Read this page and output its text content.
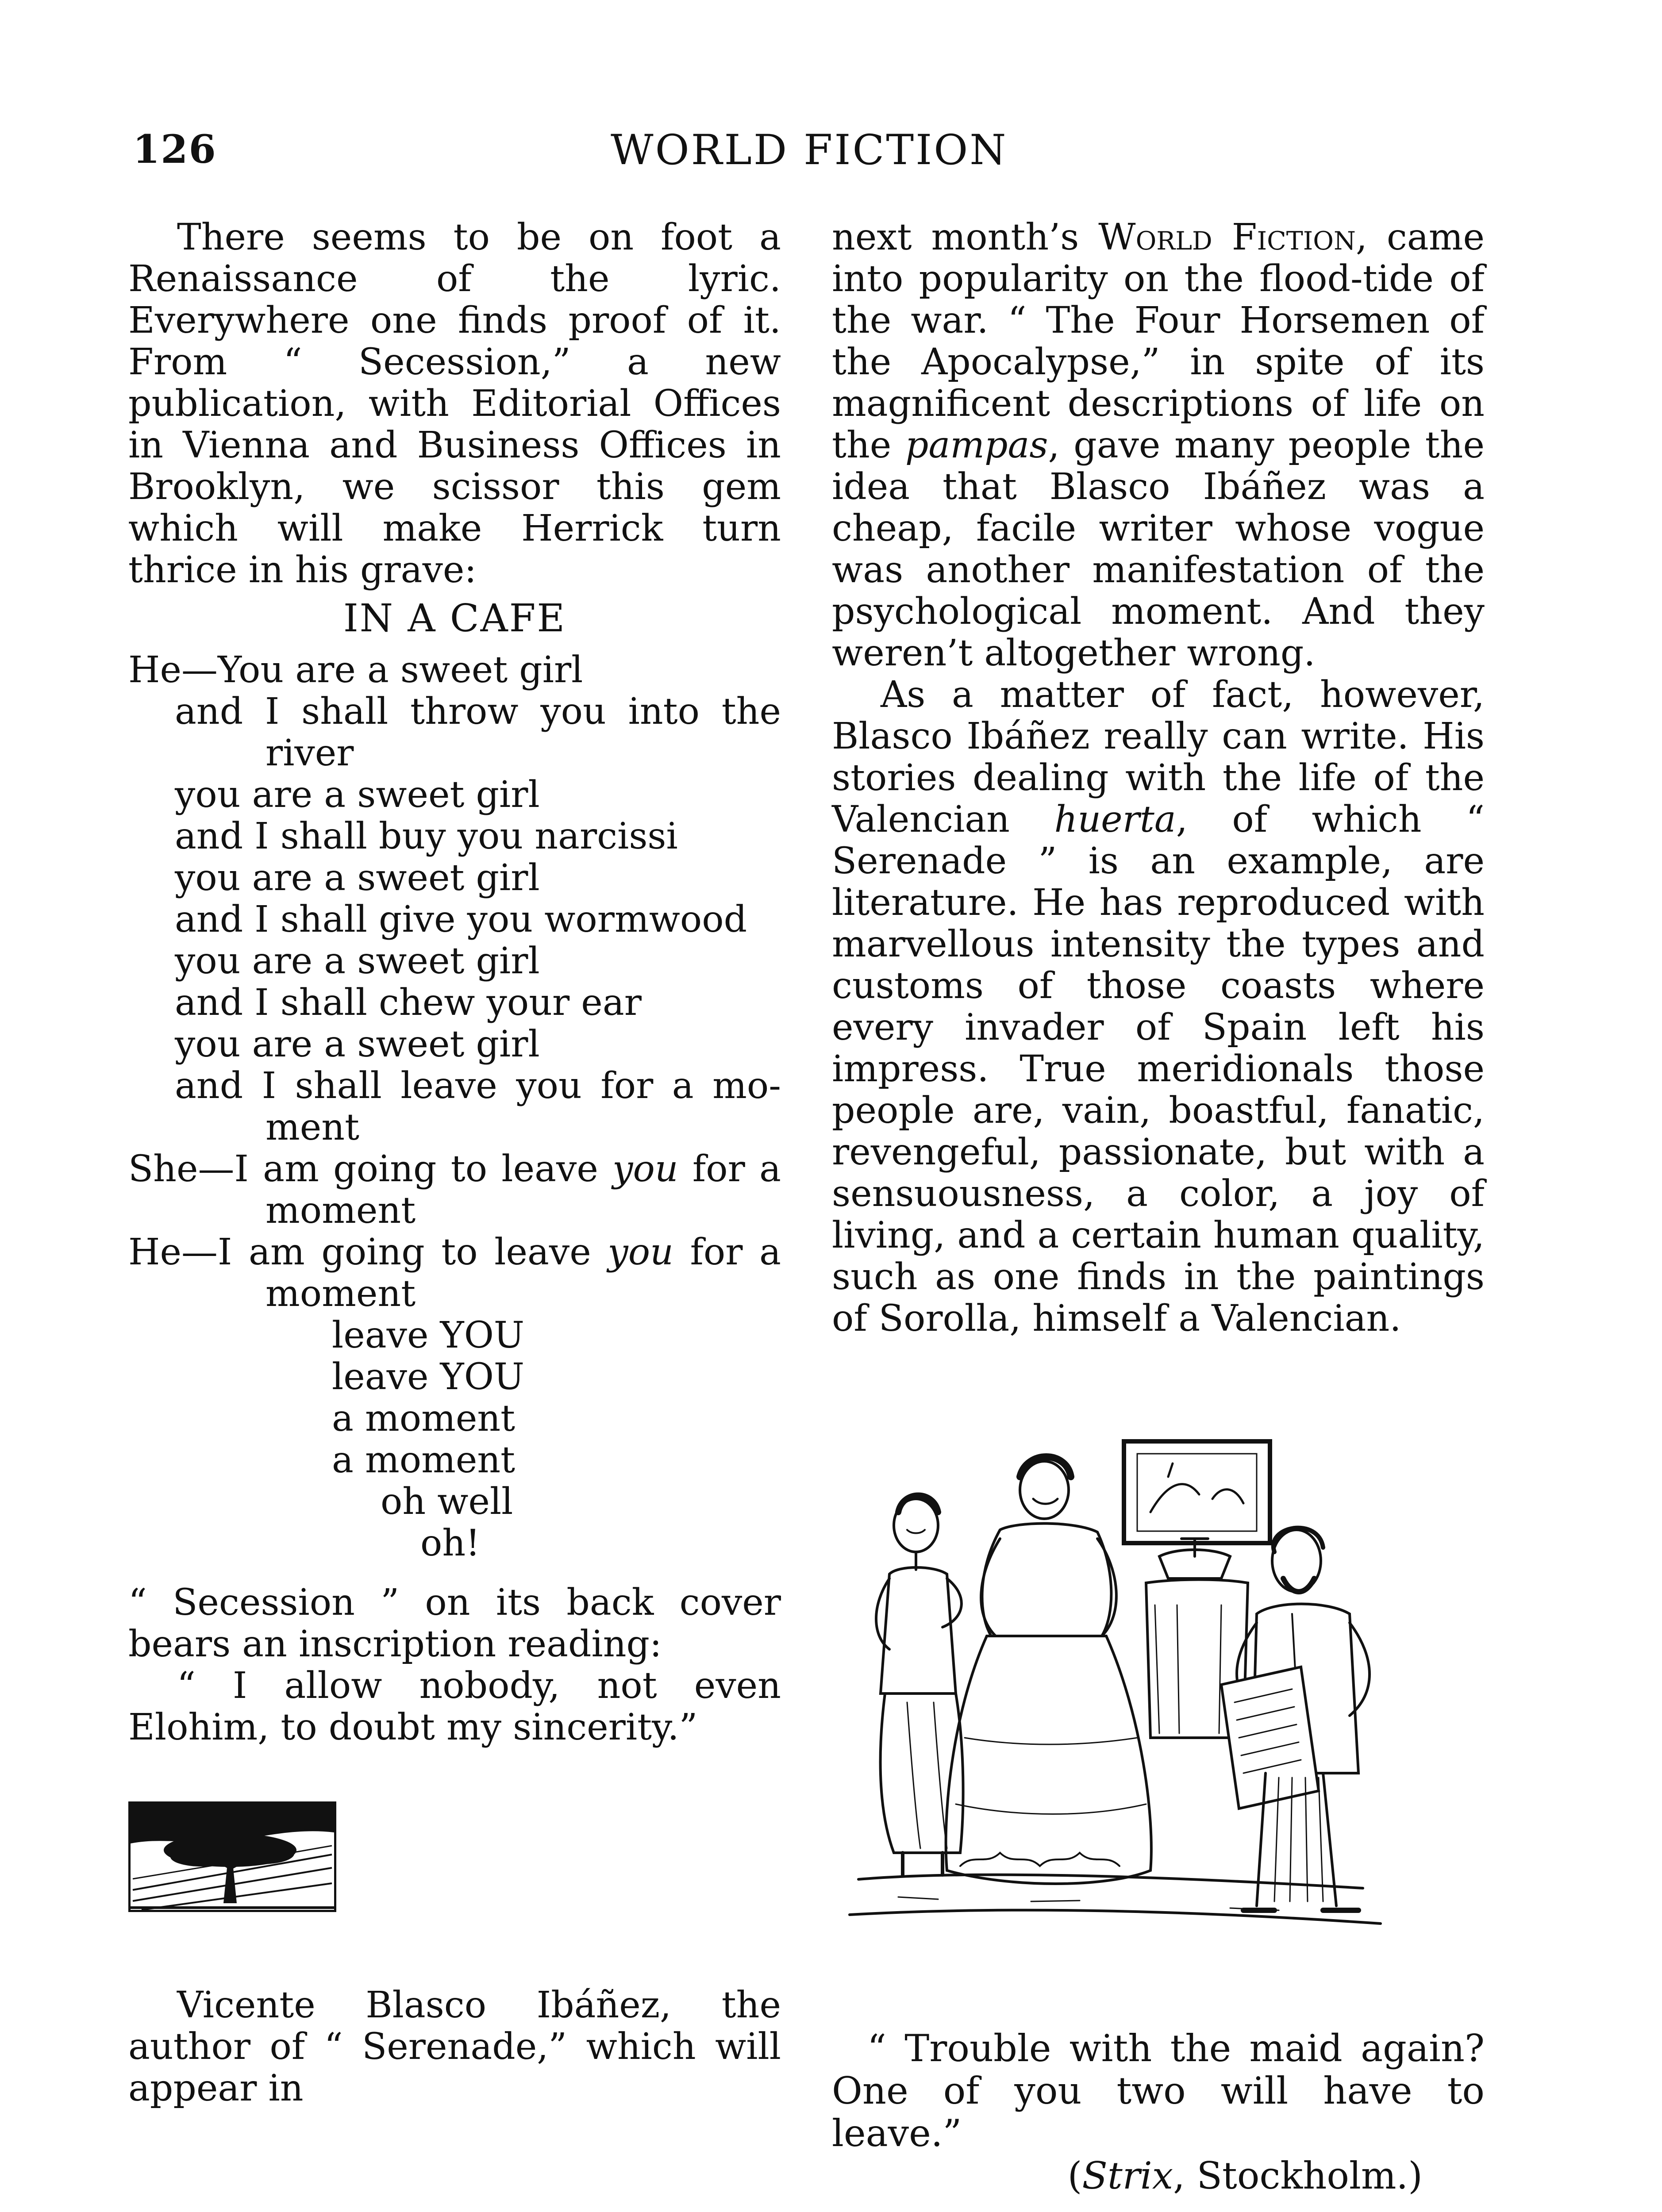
126	WORLD FICTION

There seems to be on foot a Renaissance of the lyric. Everywhere one finds proof of it. From “ Secession,” a new publication, with Editorial Offices in Vienna and Business Offices in Brooklyn, we scissor this gem which will make Herrick turn thrice in his grave:

IN A CAFE
He—You are a sweet girl
and I shall throw you into the
river
you are a sweet girl
and I shall buy you narcissi
you are a sweet girl
and I shall give you wormwood
you are a sweet girl
and I shall chew your ear
you are a sweet girl
and I shall leave you for a mo-
ment
She—I am going to leave you for a
moment
He—I am going to leave you for a
moment
leave YOU
leave YOU
a moment
a moment
oh well
oh!

“ Secession ” on its back cover bears an inscription reading:

“ I allow nobody, not even Elohim, to doubt my sincerity.”

Vicente Blasco Ibáñez, the author of “ Serenade,” which will appear in

next month’s World Fiction, came into popularity on the flood-tide of the war. “ The Four Horsemen of the Apocalypse,” in spite of its magnificent descriptions of life on the pampas, gave many people the idea that Blasco Ibáñez was a cheap, facile writer whose vogue was another manifestation of the psychological moment. And they weren’t altogether wrong.

As a matter of fact, however, Blasco Ibáñez really can write. His stories dealing with the life of the Valencian huerta, of which “ Serenade ” is an example, are literature. He has reproduced with marvellous intensity the types and customs of those coasts where every invader of Spain left his impress. True meridionals those people are, vain, boastful, fanatic, revengeful, passionate, but with a sensuousness, a color, a joy of living, and a certain human quality, such as one finds in the paintings of Sorolla, himself a Valencian.

“ Trouble with the maid again?
One of you two will have to leave.”
(Strix, Stockholm.)
